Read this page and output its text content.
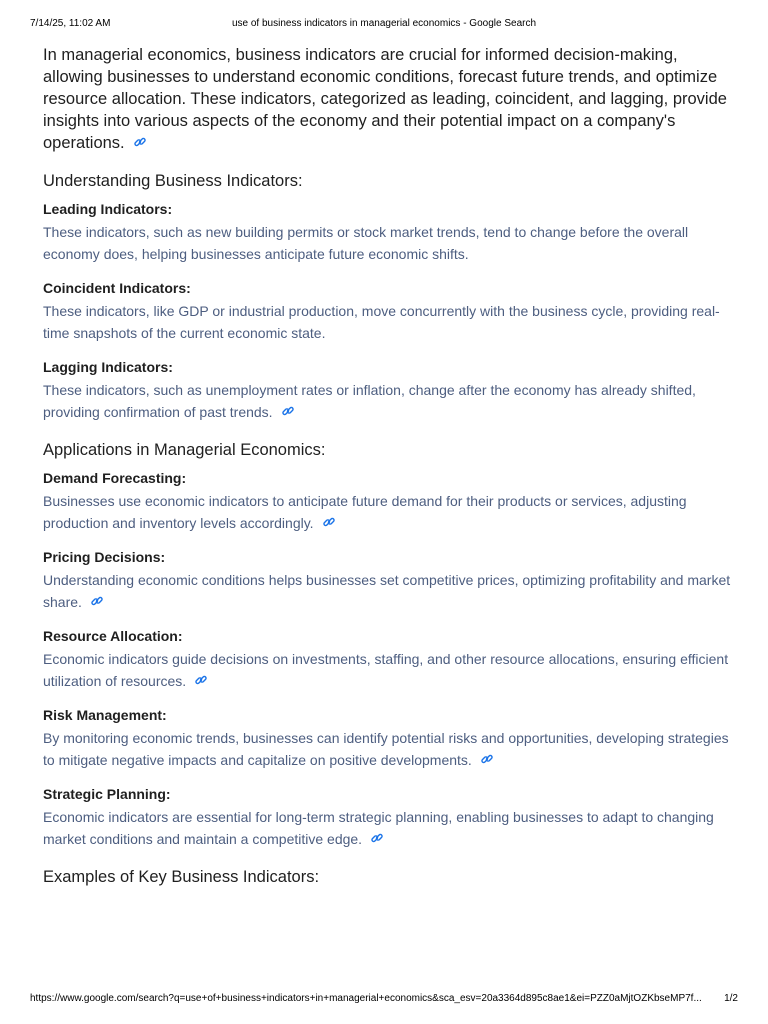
7/14/25, 11:02 AM	use of business indicators in managerial economics - Google Search

In managerial economics, business indicators are crucial for informed decision-making, allowing businesses to understand economic conditions, forecast future trends, and optimize resource allocation. These indicators, categorized as leading, coincident, and lagging, provide insights into various aspects of the economy and their potential impact on a company's operations.

Understanding Business Indicators:
Leading Indicators:

These indicators, such as new building permits or stock market trends, tend to change before the overall economy does, helping businesses anticipate future economic shifts.

Coincident Indicators:

These indicators, like GDP or industrial production, move concurrently with the business cycle, providing real-time snapshots of the current economic state.

Lagging Indicators:

These indicators, such as unemployment rates or inflation, change after the economy has already shifted, providing confirmation of past trends.

Applications in Managerial Economics:
Demand Forecasting:

Businesses use economic indicators to anticipate future demand for their products or services, adjusting production and inventory levels accordingly.

Pricing Decisions:

Understanding economic conditions helps businesses set competitive prices, optimizing profitability and market share.

Resource Allocation:

Economic indicators guide decisions on investments, staffing, and other resource allocations, ensuring efficient utilization of resources.

Risk Management:

By monitoring economic trends, businesses can identify potential risks and opportunities, developing strategies to mitigate negative impacts and capitalize on positive developments.

Strategic Planning:

Economic indicators are essential for long-term strategic planning, enabling businesses to adapt to changing market conditions and maintain a competitive edge.

Examples of Key Business Indicators:
https://www.google.com/search?q=use+of+business+indicators+in+managerial+economics&sca_esv=20a3364d895c8ae1&ei=PZZ0aMjtOZKbseMP7f...	1/2
